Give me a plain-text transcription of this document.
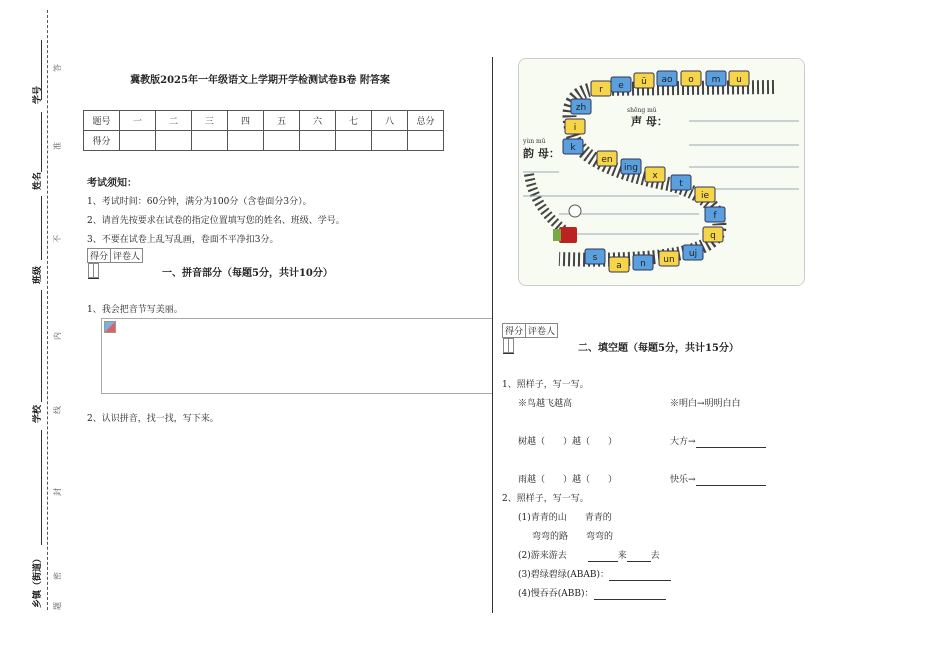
学号
姓名
班级
学校
乡镇（街道）
答
准
不
内
线
封
密
题
冀教版2025年一年级语文上学期开学检测试卷B卷 附答案
题号	一	二	三	四	五	六	七	八	总分
得分									
考试须知：
1、考试时间：60分钟，满分为100分（含卷面分3分）。
2、请首先按要求在试卷的指定位置填写您的姓名、班级、学号。
3、不要在试卷上乱写乱画，卷面不平净扣3分。
得分	评卷人

一、拼音部分（每题5分，共计10分）
1、我会把音节写美丽。
2、认识拼音，找一找，写下来。
shēng mǔ
声 母：
yùn mǔ
韵 母：
r e ü ao o m u
zh
i
k
en
ing
x
t
ie
f
q
uj
un
n
a
s
得分	评卷人

二、填空题（每题5分，共计15分）
1、照样子，写一写。
※鸟越飞越高	※明白→明明白白
树越（　　）越（　　）	大方→
雨越（　　）越（　　）	快乐→
2、照样子，写一写。
(1)青青的山　　青青的
弯弯的路　　弯弯的
(2)游来游去	来	去
(3)碧绿碧绿(ABAB)：
(4)慢吞吞(ABB)：
